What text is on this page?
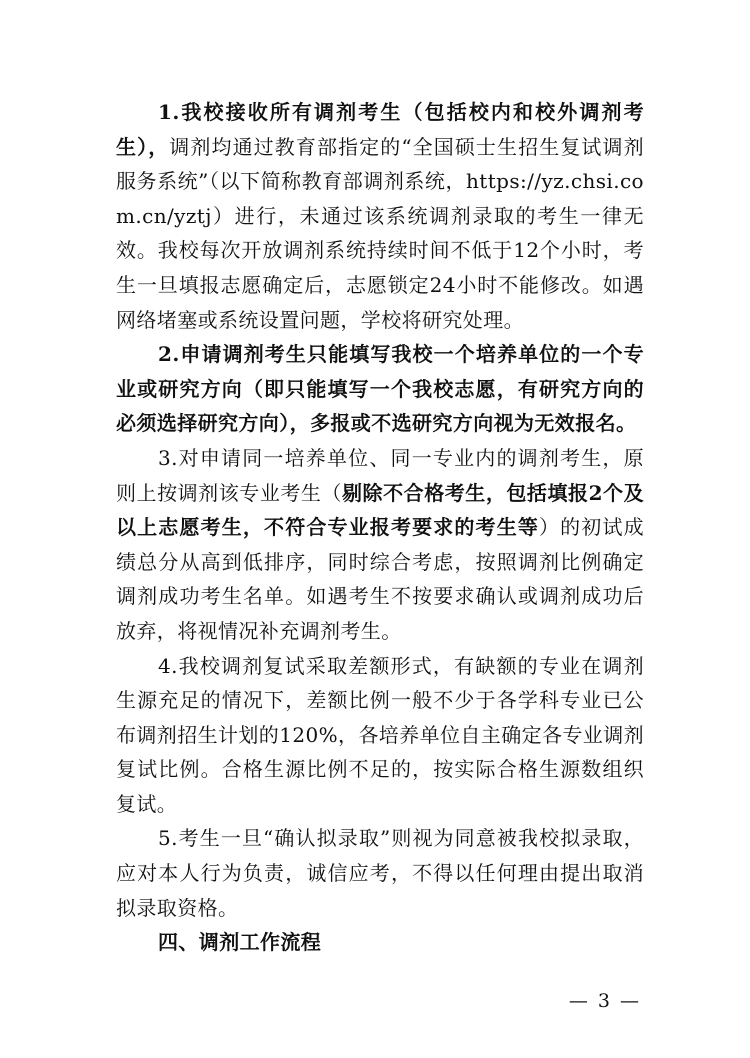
1.我校接收所有调剂考生（包括校内和校外调剂考生），调剂均通过教育部指定的“全国硕士生招生复试调剂服务系统”（以下简称教育部调剂系统，https://yz.chsi.com.cn/yztj）进行，未通过该系统调剂录取的考生一律无效。我校每次开放调剂系统持续时间不低于12个小时，考生一旦填报志愿确定后，志愿锁定24小时不能修改。如遇网络堵塞或系统设置问题，学校将研究处理。

2.申请调剂考生只能填写我校一个培养单位的一个专业或研究方向（即只能填写一个我校志愿，有研究方向的必须选择研究方向），多报或不选研究方向视为无效报名。

3.对申请同一培养单位、同一专业内的调剂考生，原则上按调剂该专业考生（剔除不合格考生，包括填报2个及以上志愿考生，不符合专业报考要求的考生等）的初试成绩总分从高到低排序，同时综合考虑，按照调剂比例确定调剂成功考生名单。如遇考生不按要求确认或调剂成功后放弃，将视情况补充调剂考生。

4.我校调剂复试采取差额形式，有缺额的专业在调剂生源充足的情况下，差额比例一般不少于各学科专业已公布调剂招生计划的120%，各培养单位自主确定各专业调剂复试比例。合格生源比例不足的，按实际合格生源数组织复试。

5.考生一旦“确认拟录取”则视为同意被我校拟录取，应对本人行为负责，诚信应考，不得以任何理由提出取消拟录取资格。

四、调剂工作流程

— 3 —
